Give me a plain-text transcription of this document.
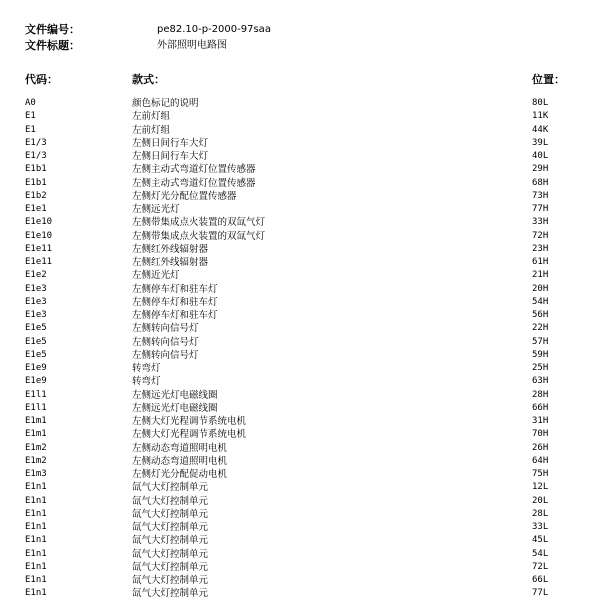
文件编号：	pe82.10-p-2000-97saa
文件标题：	外部照明电路图
代码：	款式：	位置：
A0	颜色标记的说明	80L
E1	左前灯组	11K
E1	左前灯组	44K
E1/3	左侧日间行车大灯	39L
E1/3	左侧日间行车大灯	40L
E1b1	左侧主动式弯道灯位置传感器	29H
E1b1	左侧主动式弯道灯位置传感器	68H
E1b2	左侧灯光分配位置传感器	73H
E1e1	左侧远光灯	77H
E1e10	左侧带集成点火装置的双氙气灯	33H
E1e10	左侧带集成点火装置的双氙气灯	72H
E1e11	左侧红外线辐射器	23H
E1e11	左侧红外线辐射器	61H
E1e2	左侧近光灯	21H
E1e3	左侧停车灯和驻车灯	20H
E1e3	左侧停车灯和驻车灯	54H
E1e3	左侧停车灯和驻车灯	56H
E1e5	左侧转向信号灯	22H
E1e5	左侧转向信号灯	57H
E1e5	左侧转向信号灯	59H
E1e9	转弯灯	25H
E1e9	转弯灯	63H
E1l1	左侧远光灯电磁线圈	28H
E1l1	左侧远光灯电磁线圈	66H
E1m1	左侧大灯光程调节系统电机	31H
E1m1	左侧大灯光程调节系统电机	70H
E1m2	左侧动态弯道照明电机	26H
E1m2	左侧动态弯道照明电机	64H
E1m3	左侧灯光分配促动电机	75H
E1n1	氙气大灯控制单元	12L
E1n1	氙气大灯控制单元	20L
E1n1	氙气大灯控制单元	28L
E1n1	氙气大灯控制单元	33L
E1n1	氙气大灯控制单元	45L
E1n1	氙气大灯控制单元	54L
E1n1	氙气大灯控制单元	72L
E1n1	氙气大灯控制单元	66L
E1n1	氙气大灯控制单元	77L
